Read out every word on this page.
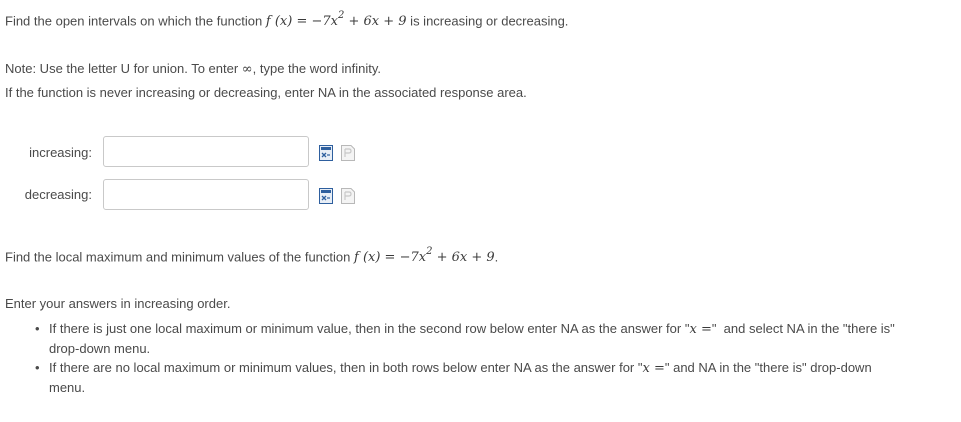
Find the open intervals on which the function f $(x) = -7x^2 + 6x + 9$ is increasing or decreasing.
Note: Use the letter U for union. To enter ∞, type the word infinity.
If the function is never increasing or decreasing, enter NA in the associated response area.
increasing:
decreasing:
Find the local maximum and minimum values of the function f $(x) = -7x^2 + 6x + 9$.
Enter your answers in increasing order.
• If there is just one local maximum or minimum value, then in the second row below enter NA as the answer for "x ="  and select NA in the "there is"
drop-down menu.
• If there are no local maximum or minimum values, then in both rows below enter NA as the answer for "x =" and NA in the "there is" drop-down
menu.
